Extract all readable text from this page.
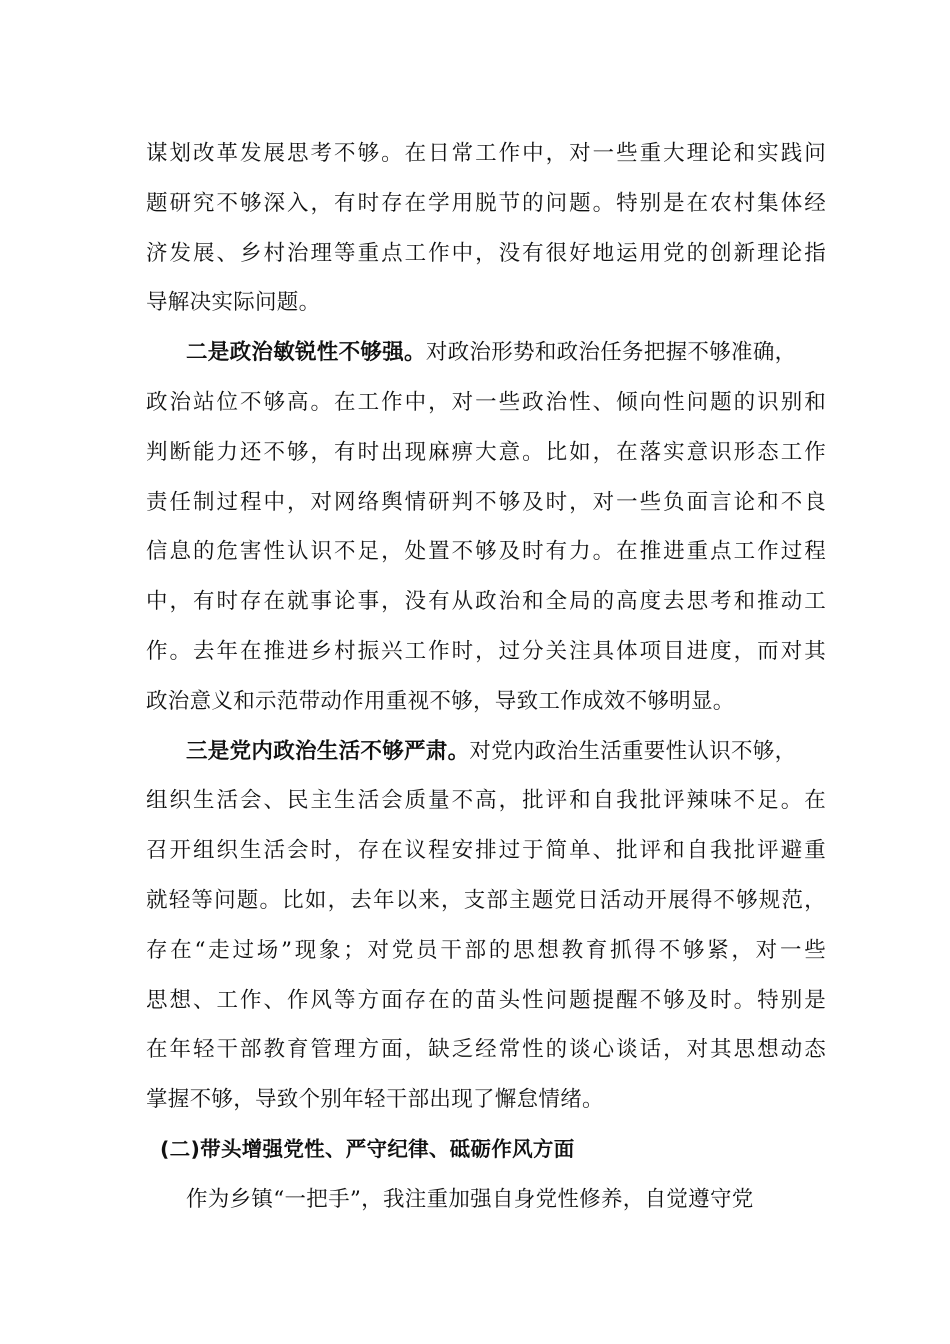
谋划改革发展思考不够。在日常工作中，对一些重大理论和实践问
题研究不够深入，有时存在学用脱节的问题。特别是在农村集体经
济发展、乡村治理等重点工作中，没有很好地运用党的创新理论指
导解决实际问题。
二是政治敏锐性不够强。对政治形势和政治任务把握不够准确，
政治站位不够高。在工作中，对一些政治性、倾向性问题的识别和
判断能力还不够，有时出现麻痹大意。比如，在落实意识形态工作
责任制过程中，对网络舆情研判不够及时，对一些负面言论和不良
信息的危害性认识不足，处置不够及时有力。在推进重点工作过程
中，有时存在就事论事，没有从政治和全局的高度去思考和推动工
作。去年在推进乡村振兴工作时，过分关注具体项目进度，而对其
政治意义和示范带动作用重视不够，导致工作成效不够明显。
三是党内政治生活不够严肃。对党内政治生活重要性认识不够，
组织生活会、民主生活会质量不高，批评和自我批评辣味不足。在
召开组织生活会时，存在议程安排过于简单、批评和自我批评避重
就轻等问题。比如，去年以来，支部主题党日活动开展得不够规范，
存在“走过场”现象；对党员干部的思想教育抓得不够紧，对一些
思想、工作、作风等方面存在的苗头性问题提醒不够及时。特别是
在年轻干部教育管理方面，缺乏经常性的谈心谈话，对其思想动态
掌握不够，导致个别年轻干部出现了懈怠情绪。
(二)带头增强党性、严守纪律、砥砺作风方面
作为乡镇“一把手”，我注重加强自身党性修养，自觉遵守党
